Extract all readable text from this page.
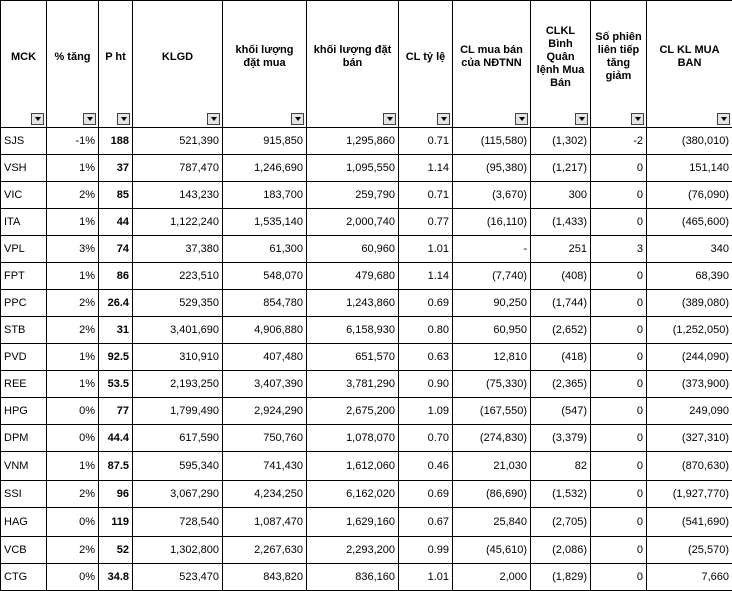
MCK	% tăng	P ht	KLGD	khối lượng đặt mua	khối lượng đặt bán	CL tỷ lệ	CL mua bán của NĐTNN	CLKL Bình Quân lệnh Mua Bán	Số phiên liên tiếp tăng giảm	CL KL MUA BAN

SJS	-1%	188	521,390	915,850	1,295,860	0.71	(115,580)	(1,302)	-2	(380,010)
VSH	1%	37	787,470	1,246,690	1,095,550	1.14	(95,380)	(1,217)	0	151,140
VIC	2%	85	143,230	183,700	259,790	0.71	(3,670)	300	0	(76,090)
ITA	1%	44	1,122,240	1,535,140	2,000,740	0.77	(16,110)	(1,433)	0	(465,600)
VPL	3%	74	37,380	61,300	60,960	1.01	-	251	3	340
FPT	1%	86	223,510	548,070	479,680	1.14	(7,740)	(408)	0	68,390
PPC	2%	26.4	529,350	854,780	1,243,860	0.69	90,250	(1,744)	0	(389,080)
STB	2%	31	3,401,690	4,906,880	6,158,930	0.80	60,950	(2,652)	0	(1,252,050)
PVD	1%	92.5	310,910	407,480	651,570	0.63	12,810	(418)	0	(244,090)
REE	1%	53.5	2,193,250	3,407,390	3,781,290	0.90	(75,330)	(2,365)	0	(373,900)
HPG	0%	77	1,799,490	2,924,290	2,675,200	1.09	(167,550)	(547)	0	249,090
DPM	0%	44.4	617,590	750,760	1,078,070	0.70	(274,830)	(3,379)	0	(327,310)
VNM	1%	87.5	595,340	741,430	1,612,060	0.46	21,030	82	0	(870,630)
SSI	2%	96	3,067,290	4,234,250	6,162,020	0.69	(86,690)	(1,532)	0	(1,927,770)
HAG	0%	119	728,540	1,087,470	1,629,160	0.67	25,840	(2,705)	0	(541,690)
VCB	2%	52	1,302,800	2,267,630	2,293,200	0.99	(45,610)	(2,086)	0	(25,570)
CTG	0%	34.8	523,470	843,820	836,160	1.01	2,000	(1,829)	0	7,660
